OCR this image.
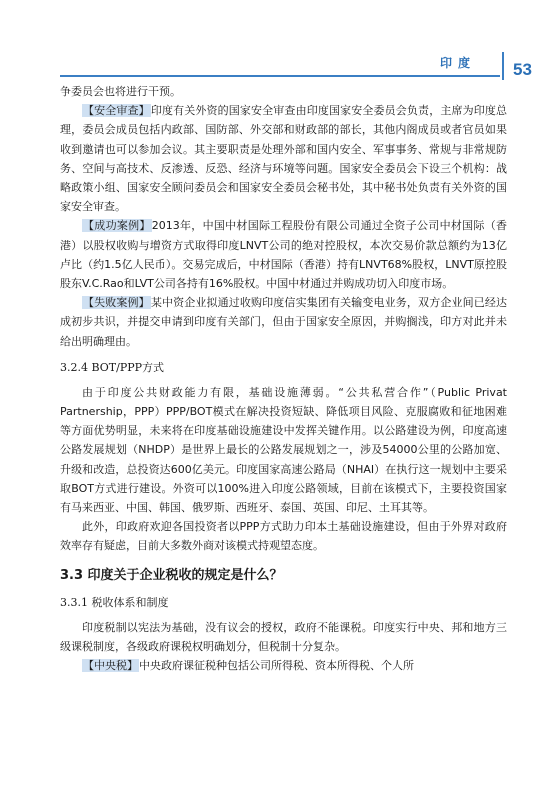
印度 53

争委员会也将进行干预。

【安全审查】印度有关外资的国家安全审查由印度国家安全委员会负责，主席为印度总理，委员会成员包括内政部、国防部、外交部和财政部的部长，其他内阁成员或者官员如果收到邀请也可以参加会议。其主要职责是处理外部和国内安全、军事事务、常规与非常规防务、空间与高技术、反渗透、反恐、经济与环境等问题。国家安全委员会下设三个机构：战略政策小组、国家安全顾问委员会和国家安全委员会秘书处，其中秘书处负责有关外资的国家安全审查。

【成功案例】2013年，中国中材国际工程股份有限公司通过全资子公司中材国际（香港）以股权收购与增资方式取得印度LNVT公司的绝对控股权，本次交易价款总额约为13亿卢比（约1.5亿人民币）。交易完成后，中材国际（香港）持有LNVT68%股权，LNVT原控股股东V.C.Rao和LVT公司各持有16%股权。中国中材通过并购成功切入印度市场。

【失败案例】某中资企业拟通过收购印度信实集团有关输变电业务，双方企业间已经达成初步共识，并提交申请到印度有关部门，但由于国家安全原因，并购搁浅，印方对此并未给出明确理由。

3.2.4 BOT/PPP方式

由于印度公共财政能力有限，基础设施薄弱。“公共私营合作”（Public Privat Partnership，PPP）PPP/BOT模式在解决投资短缺、降低项目风险、克服腐败和征地困难等方面优势明显，未来将在印度基础设施建设中发挥关键作用。以公路建设为例，印度高速公路发展规划（NHDP）是世界上最长的公路发展规划之一，涉及54000公里的公路加宽、升级和改造，总投资达600亿美元。印度国家高速公路局（NHAI）在执行这一规划中主要采取BOT方式进行建设。外资可以100%进入印度公路领域，目前在该模式下，主要投资国家有马来西亚、中国、韩国、俄罗斯、西班牙、泰国、英国、印尼、土耳其等。

此外，印政府欢迎各国投资者以PPP方式助力印本土基础设施建设，但由于外界对政府效率存有疑虑，目前大多数外商对该模式持观望态度。

3.3 印度关于企业税收的规定是什么？
3.3.1 税收体系和制度

印度税制以宪法为基础，没有议会的授权，政府不能课税。印度实行中央、邦和地方三级课税制度，各级政府课税权明确划分，但税制十分复杂。

【中央税】中央政府课征税种包括公司所得税、资本所得税、个人所
